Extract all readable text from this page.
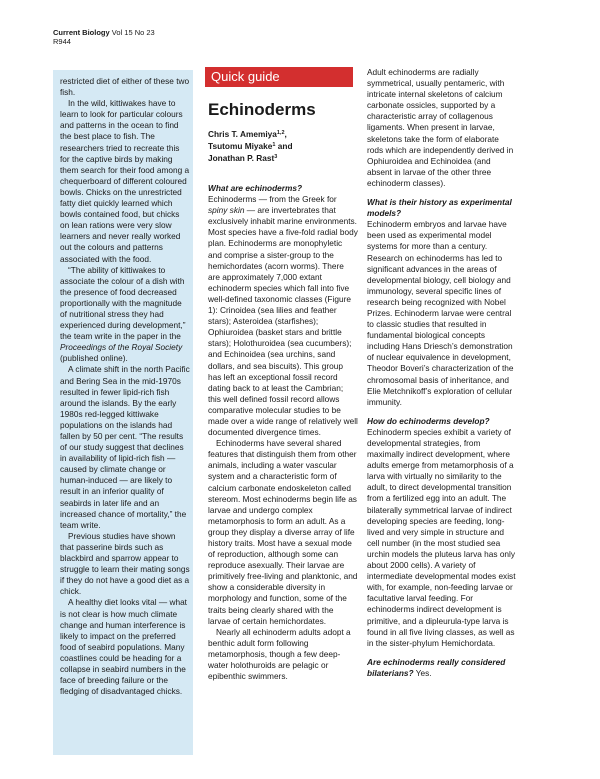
Current Biology Vol 15 No 23
R944

restricted diet of either of these two fish.

In the wild, kittiwakes have to learn to look for particular colours and patterns in the ocean to find the best place to fish. The researchers tried to recreate this for the captive birds by making them search for their food among a chequerboard of different coloured bowls. Chicks on the unrestricted fatty diet quickly learned which bowls contained food, but chicks on lean rations were very slow learners and never really worked out the colours and patterns associated with the food.

“The ability of kittiwakes to associate the colour of a dish with the presence of food decreased proportionally with the magnitude of nutritional stress they had experienced during development,” the team write in the paper in the Proceedings of the Royal Society (published online).

A climate shift in the north Pacific and Bering Sea in the mid-1970s resulted in fewer lipid-rich fish around the islands. By the early 1980s red-legged kittiwake populations on the islands had fallen by 50 per cent. “The results of our study suggest that declines in availability of lipid-rich fish — caused by climate change or human-induced — are likely to result in an inferior quality of seabirds in later life and an increased chance of mortality,” the team write.

Previous studies have shown that passerine birds such as blackbird and sparrow appear to struggle to learn their mating songs if they do not have a good diet as a chick.

A healthy diet looks vital — what is not clear is how much climate change and human interference is likely to impact on the preferred food of seabird populations. Many coastlines could be heading for a collapse in seabird numbers in the face of breeding failure or the fledging of disadvantaged chicks.

Quick guide
Echinoderms
Chris T. Amemiya$^{1,2}$,
Tsutomu Miyake$^1$ and
Jonathan P. Rast$^3$
What are echinoderms?

Echinoderms — from the Greek for spiny skin — are invertebrates that exclusively inhabit marine environments. Most species have a five-fold radial body plan. Echinoderms are monophyletic and comprise a sister-group to the hemichordates (acorn worms). There are approximately 7,000 extant echinoderm species which fall into five well-defined taxonomic classes (Figure 1): Crinoidea (sea lilies and feather stars); Asteroidea (starfishes); Ophiuroidea (basket stars and brittle stars); Holothuroidea (sea cucumbers); and Echinoidea (sea urchins, sand dollars, and sea biscuits). This group has left an exceptional fossil record dating back to at least the Cambrian; this well defined fossil record allows comparative molecular studies to be made over a wide range of relatively well documented divergence times.

Echinoderms have several shared features that distinguish them from other animals, including a water vascular system and a characteristic form of calcium carbonate endoskeleton called stereom. Most echinoderms begin life as larvae and undergo complex metamorphosis to form an adult. As a group they display a diverse array of life history traits. Most have a sexual mode of reproduction, although some can reproduce asexually. Their larvae are primitively free-living and planktonic, and show a considerable diversity in morphology and function, some of the traits being clearly shared with the larvae of certain hemichordates.

Nearly all echinoderm adults adopt a benthic adult form following metamorphosis, though a few deep-water holothuroids are pelagic or epibenthic swimmers.

Adult echinoderms are radially symmetrical, usually pentameric, with intricate internal skeletons of calcium carbonate ossicles, supported by a characteristic array of collagenous ligaments. When present in larvae, skeletons take the form of elaborate rods which are independently derived in Ophiuroidea and Echinoidea (and absent in larvae of the other three echinoderm classes).

What is their history as experimental models?

Echinoderm embryos and larvae have been used as experimental model systems for more than a century. Research on echinoderms has led to significant advances in the areas of developmental biology, cell biology and immunology, several specific lines of research being recognized with Nobel Prizes. Echinoderm larvae were central to classic studies that resulted in fundamental biological concepts including Hans Driesch’s demonstration of nuclear equivalence in development, Theodor Boveri’s characterization of the chromosomal basis of inheritance, and Elie Metchnikoff’s exploration of cellular immunity.

How do echinoderms develop?

Echinoderm species exhibit a variety of developmental strategies, from maximally indirect development, where adults emerge from metamorphosis of a larva with virtually no similarity to the adult, to direct developmental transition from a fertilized egg into an adult. The bilaterally symmetrical larvae of indirect developing species are feeding, long-lived and very simple in structure and cell number (in the most studied sea urchin models the pluteus larva has only about 2000 cells). A variety of intermediate developmental modes exist with, for example, non-feeding larvae or facultative larval feeding. For echinoderms indirect development is primitive, and a dipleurula-type larva is found in all five living classes, as well as in the sister-phylum Hemichordata.

Are echinoderms really considered bilaterians? Yes.
